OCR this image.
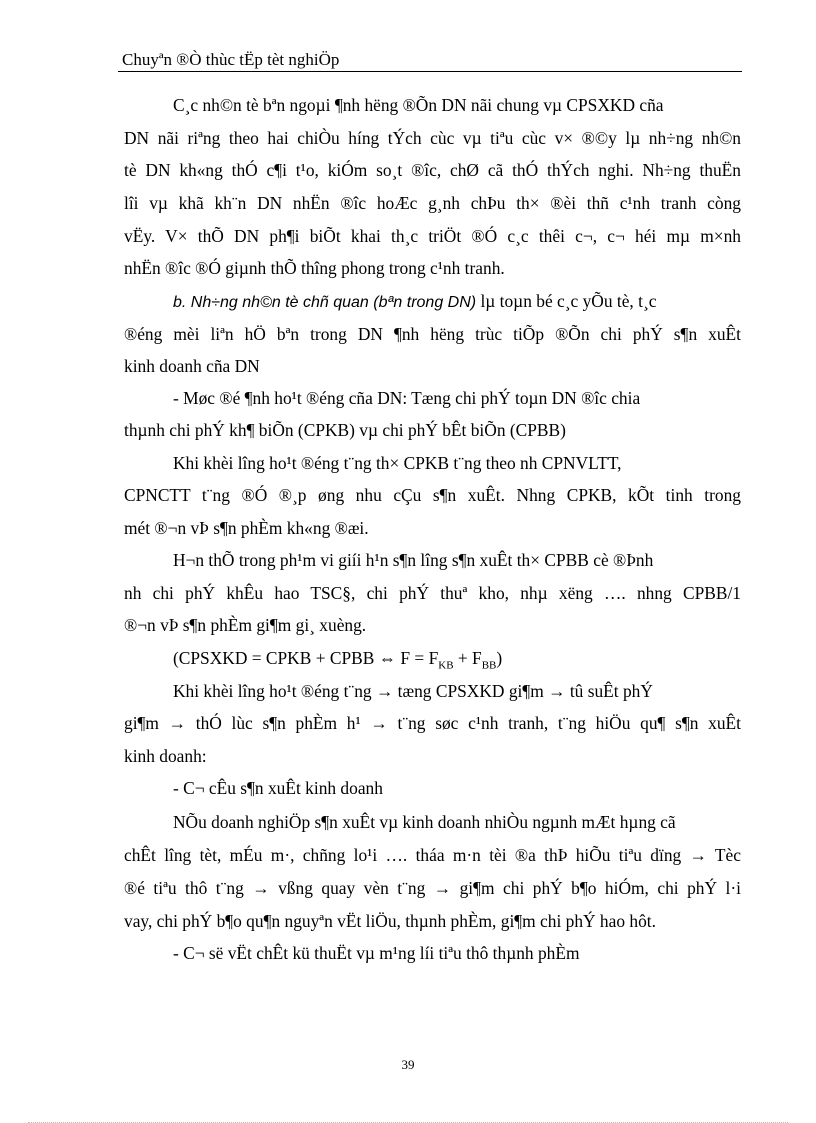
Chuyªn ®Ò thùc tËp tèt nghiÖp
C¸c nh©n tè bªn ngoµi ¶nh hëng ®Õn DN nãi chung vµ CPSXKD cña
DN nãi riªng theo hai chiÒu híng tÝch cùc vµ tiªu cùc v× ®©y lµ nh÷ng nh©n
tè DN kh«ng thÓ c¶i t¹o, kiÓm so¸t ®îc, chØ cã thÓ thÝch nghi. Nh÷ng thuËn
lîi vµ khã kh¨n DN nhËn ®îc hoÆc g¸nh chÞu th× ®èi thñ c¹nh tranh còng
vËy. V× thÕ DN ph¶i biÕt khai th¸c triÖt ®Ó c¸c thêi c¬, c¬ héi mµ m×nh
nhËn ®îc ®Ó giµnh thÕ thîng phong trong c¹nh tranh.
b. Nh÷ng nh©n tè chñ quan (bªn trong DN) lµ toµn bé c¸c yÕu tè, t¸c
®éng mèi liªn hÖ bªn trong DN ¶nh hëng trùc tiÕp ®Õn chi phÝ s¶n xuÊt
kinh doanh cña DN
- Møc ®é ¶nh ho¹t ®éng cña DN: Tæng chi phÝ toµn DN ®îc chia
thµnh chi phÝ kh¶ biÕn (CPKB) vµ chi phÝ bÊt biÕn (CPBB)
Khi khèi lîng ho¹t ®éng t¨ng th× CPKB t¨ng theo nh CPNVLTT,
CPNCTT t¨ng ®Ó ®¸p øng nhu cÇu s¶n xuÊt. Nhng CPKB, kÕt tinh trong
mét ®¬n vÞ s¶n phÈm kh«ng ®æi.
H¬n thÕ trong ph¹m vi giíi h¹n s¶n lîng s¶n xuÊt th× CPBB cè ®Þnh
nh chi phÝ khÊu hao TSC§, chi phÝ thuª kho, nhµ xëng …. nhng CPBB/1
®¬n vÞ s¶n phÈm gi¶m gi¸ xuèng.
(CPSXKD = CPKB + CPBB ⇔ $F = F_{KB} + F_{BB}$)
Khi khèi lîng ho¹t ®éng t¨ng → tæng CPSXKD gi¶m → tû suÊt phÝ
gi¶m → thÓ lùc s¶n phÈm h¹ → t¨ng søc c¹nh tranh, t¨ng hiÖu qu¶ s¶n xuÊt
kinh doanh:
- C¬ cÊu s¶n xuÊt kinh doanh
NÕu doanh nghiÖp s¶n xuÊt vµ kinh doanh nhiÒu ngµnh mÆt hµng cã
chÊt lîng tèt, mÉu m·, chñng lo¹i …. tháa m·n tèi ®a thÞ hiÕu tiªu dïng → Tèc
®é tiªu thô t¨ng → vßng quay vèn t¨ng → gi¶m chi phÝ b¶o hiÓm, chi phÝ l·i
vay, chi phÝ b¶o qu¶n nguyªn vËt liÖu, thµnh phÈm, gi¶m chi phÝ hao hôt.
- C¬ së vËt chÊt kü thuËt vµ m¹ng líi tiªu thô thµnh phÈm
39
